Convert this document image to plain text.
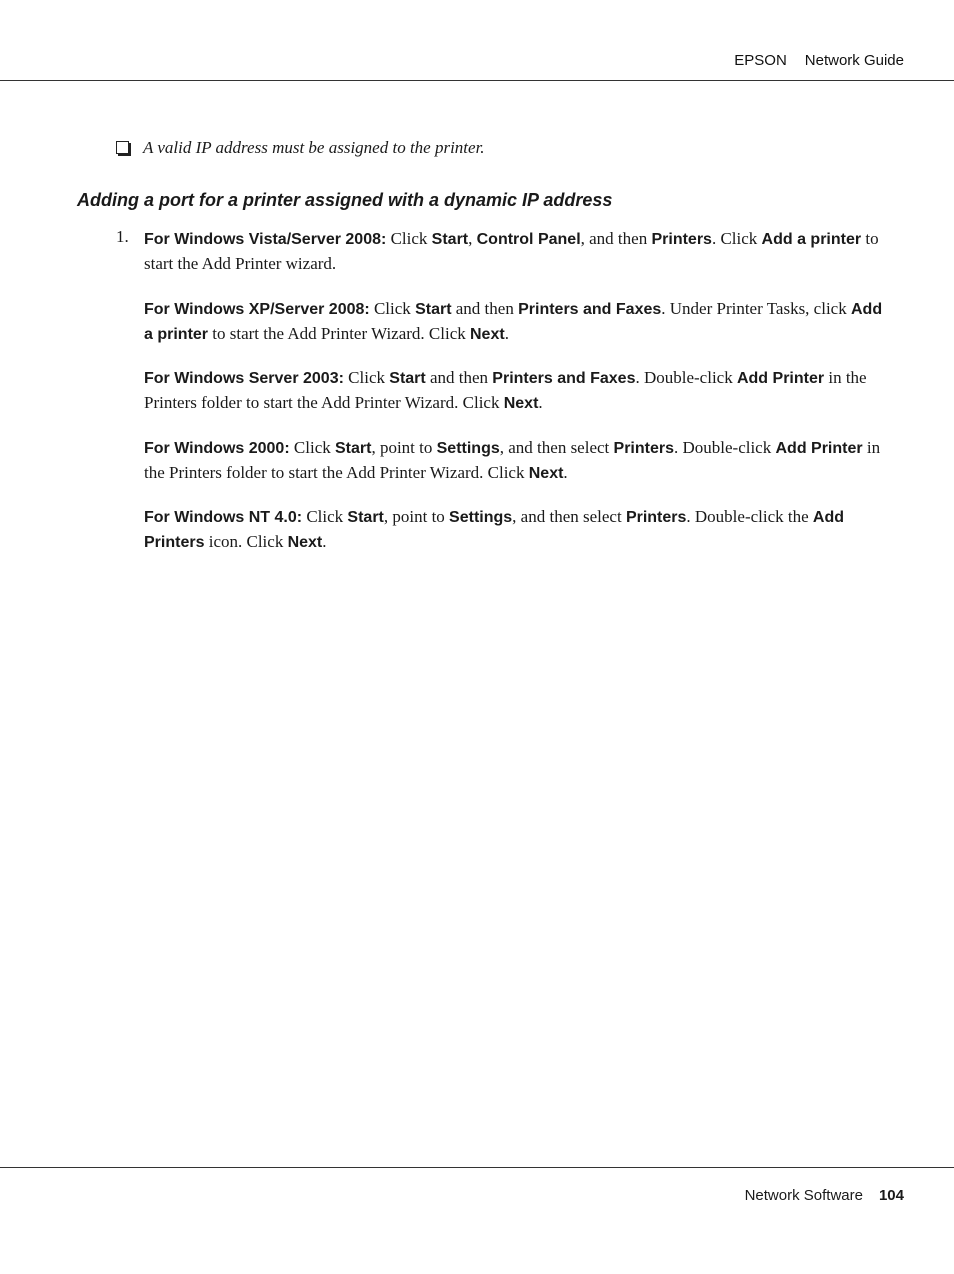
EPSON Network Guide
A valid IP address must be assigned to the printer.
Adding a port for a printer assigned with a dynamic IP address
1. For Windows Vista/Server 2008: Click Start, Control Panel, and then Printers. Click Add a printer to start the Add Printer wizard.
For Windows XP/Server 2008: Click Start and then Printers and Faxes. Under Printer Tasks, click Add a printer to start the Add Printer Wizard. Click Next.
For Windows Server 2003: Click Start and then Printers and Faxes. Double-click Add Printer in the Printers folder to start the Add Printer Wizard. Click Next.
For Windows 2000: Click Start, point to Settings, and then select Printers. Double-click Add Printer in the Printers folder to start the Add Printer Wizard. Click Next.
For Windows NT 4.0: Click Start, point to Settings, and then select Printers. Double-click the Add Printers icon. Click Next.
Network Software 104
